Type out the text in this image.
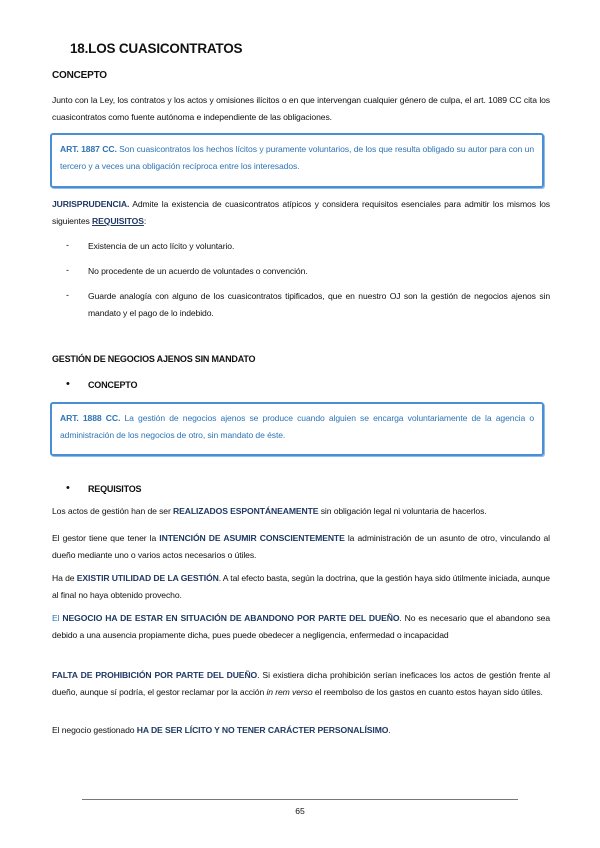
18.LOS CUASICONTRATOS
CONCEPTO
Junto con la Ley, los contratos y los actos y omisiones ilícitos o en que intervengan cualquier género de culpa, el art. 1089 CC cita los cuasicontratos como fuente autónoma e independiente de las obligaciones.
ART. 1887 CC. Son cuasicontratos los hechos lícitos y puramente voluntarios, de los que resulta obligado su autor para con un tercero y a veces una obligación recíproca entre los interesados.
JURISPRUDENCIA. Admite la existencia de cuasicontratos atípicos y considera requisitos esenciales para admitir los mismos los siguientes REQUISITOS:
- Existencia de un acto lícito y voluntario.
- No procedente de un acuerdo de voluntades o convención.
- Guarde analogía con alguno de los cuasicontratos tipificados, que en nuestro OJ son la gestión de negocios ajenos sin mandato y el pago de lo indebido.
GESTIÓN DE NEGOCIOS AJENOS SIN MANDATO
• CONCEPTO
ART. 1888 CC. La gestión de negocios ajenos se produce cuando alguien se encarga voluntariamente de la agencia o administración de los negocios de otro, sin mandato de éste.
• REQUISITOS
Los actos de gestión han de ser REALIZADOS ESPONTÁNEAMENTE sin obligación legal ni voluntaria de hacerlos.
El gestor tiene que tener la INTENCIÓN DE ASUMIR CONSCIENTEMENTE la administración de un asunto de otro, vinculando al dueño mediante uno o varios actos necesarios o útiles.
Ha de EXISTIR UTILIDAD DE LA GESTIÓN. A tal efecto basta, según la doctrina, que la gestión haya sido útilmente iniciada, aunque al final no haya obtenido provecho.
El NEGOCIO HA DE ESTAR EN SITUACIÓN DE ABANDONO POR PARTE DEL DUEÑO. No es necesario que el abandono sea debido a una ausencia propiamente dicha, pues puede obedecer a negligencia, enfermedad o incapacidad
FALTA DE PROHIBICIÓN POR PARTE DEL DUEÑO. Si existiera dicha prohibición serían ineficaces los actos de gestión frente al dueño, aunque sí podría, el gestor reclamar por la acción in rem verso el reembolso de los gastos en cuanto estos hayan sido útiles.
El negocio gestionado HA DE SER LÍCITO Y NO TENER CARÁCTER PERSONALÍSIMO.
65
